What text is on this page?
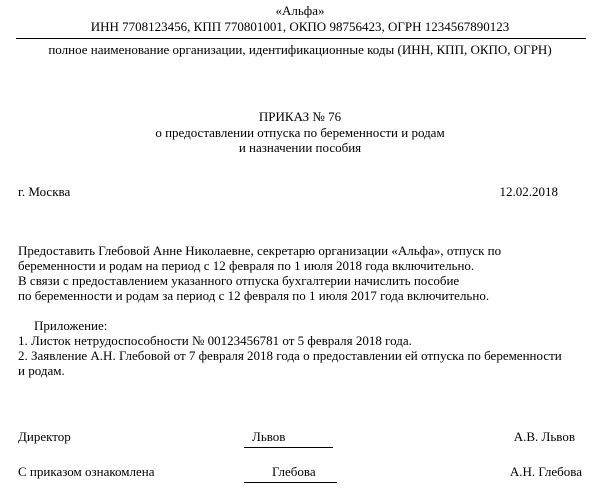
«Альфа»
ИНН 7708123456, КПП 770801001, ОКПО 98756423, ОГРН 1234567890123
полное наименование организации, идентификационные коды (ИНН, КПП, ОКПО, ОГРН)
ПРИКАЗ № 76
о предоставлении отпуска по беременности и родам
и назначении пособия
г. Москва	12.02.2018
Предоставить Глебовой Анне Николаевне, секретарю организации «Альфа», отпуск по
беременности и родам на период с 12 февраля по 1 июля 2018 года включительно.
В связи с предоставлением указанного отпуска бухгалтерии начислить пособие
по беременности и родам за период с 12 февраля по 1 июля 2017 года включительно.
Приложение:
1. Листок нетрудоспособности № 00123456781 от 5 февраля 2018 года.
2. Заявление А.Н. Глебовой от 7 февраля 2018 года о предоставлении ей отпуска по беременности
и родам.
Директор	Львов	А.В. Львов
С приказом ознакомлена	Глебова	А.Н. Глебова
